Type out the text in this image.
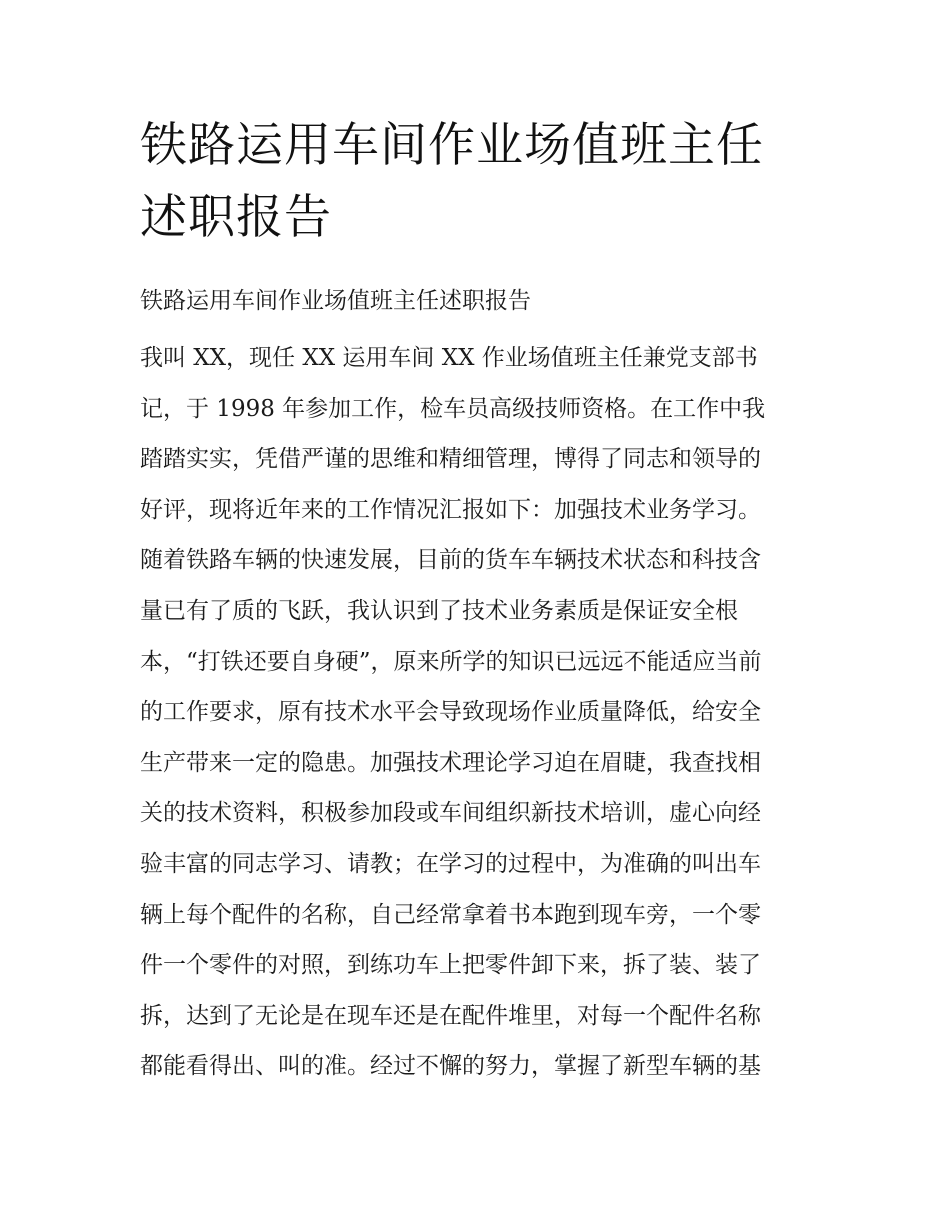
铁路运用车间作业场值班主任
述职报告

铁路运用车间作业场值班主任述职报告

我叫 XX，现任 XX 运用车间 XX 作业场值班主任兼党支部书
记，于 1998 年参加工作，检车员高级技师资格。在工作中我
踏踏实实，凭借严谨的思维和精细管理，博得了同志和领导的
好评，现将近年来的工作情况汇报如下：加强技术业务学习。
随着铁路车辆的快速发展，目前的货车车辆技术状态和科技含
量已有了质的飞跃，我认识到了技术业务素质是保证安全根
本，“打铁还要自身硬”，原来所学的知识已远远不能适应当前
的工作要求，原有技术水平会导致现场作业质量降低，给安全
生产带来一定的隐患。加强技术理论学习迫在眉睫，我查找相
关的技术资料，积极参加段或车间组织新技术培训，虚心向经
验丰富的同志学习、请教；在学习的过程中，为准确的叫出车
辆上每个配件的名称，自己经常拿着书本跑到现车旁，一个零
件一个零件的对照，到练功车上把零件卸下来，拆了装、装了
拆，达到了无论是在现车还是在配件堆里，对每一个配件名称
都能看得出、叫的准。经过不懈的努力，掌握了新型车辆的基
